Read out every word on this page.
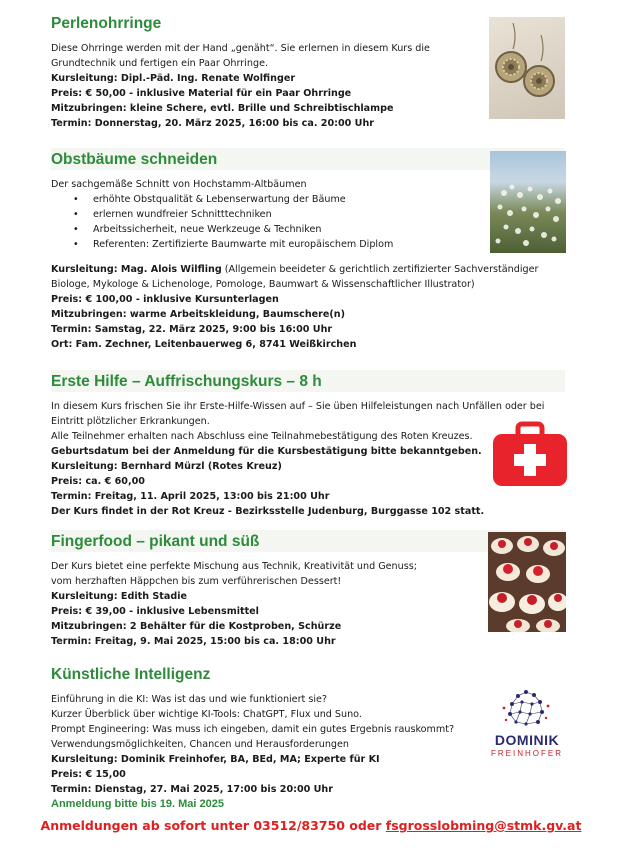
Perlenohrringe

Diese Ohrringe werden mit der Hand „genäht“. Sie erlernen in diesem Kurs die

Grundtechnik und fertigen ein Paar Ohrringe.

Kursleitung: Dipl.-Päd. Ing. Renate Wolfinger

Preis: € 50,00 - inklusive Material für ein Paar Ohrringe

Mitzubringen: kleine Schere, evtl. Brille und Schreibtischlampe

Termin: Donnerstag, 20. März 2025, 16:00 bis ca. 20:00 Uhr

Obstbäume schneiden

Der sachgemäße Schnitt von Hochstamm-Altbäumen

• erhöhte Obstqualität & Lebenserwartung der Bäume
• erlernen wundfreier Schnitttechniken
• Arbeitssicherheit, neue Werkzeuge & Techniken
• Referenten: Zertifizierte Baumwarte mit europäischem Diplom

Kursleitung: Mag. Alois Wilfling (Allgemein beeideter & gerichtlich zertifizierter Sachverständiger

Biologe, Mykologe & Lichenologe, Pomologe, Baumwart & Wissenschaftlicher Illustrator)

Preis: € 100,00 - inklusive Kursunterlagen

Mitzubringen: warme Arbeitskleidung, Baumschere(n)

Termin: Samstag, 22. März 2025, 9:00 bis 16:00 Uhr

Ort: Fam. Zechner, Leitenbauerweg 6, 8741 Weißkirchen

Erste Hilfe – Auffrischungskurs – 8 h

In diesem Kurs frischen Sie ihr Erste-Hilfe-Wissen auf – Sie üben Hilfeleistungen nach Unfällen oder bei

Eintritt plötzlicher Erkrankungen.

Alle Teilnehmer erhalten nach Abschluss eine Teilnahmebestätigung des Roten Kreuzes.

Geburtsdatum bei der Anmeldung für die Kursbestätigung bitte bekanntgeben.

Kursleitung: Bernhard Mürzl (Rotes Kreuz)

Preis: ca. € 60,00

Termin: Freitag, 11. April 2025, 13:00 bis 21:00 Uhr

Der Kurs findet in der Rot Kreuz - Bezirksstelle Judenburg, Burggasse 102 statt.

Fingerfood – pikant und süß

Der Kurs bietet eine perfekte Mischung aus Technik, Kreativität und Genuss;

vom herzhaften Häppchen bis zum verführerischen Dessert!

Kursleitung: Edith Stadie

Preis: € 39,00 - inklusive Lebensmittel

Mitzubringen: 2 Behälter für die Kostproben, Schürze

Termin: Freitag, 9. Mai 2025, 15:00 bis ca. 18:00 Uhr

Künstliche Intelligenz

Einführung in die KI: Was ist das und wie funktioniert sie?

Kurzer Überblick über wichtige KI-Tools: ChatGPT, Flux und Suno.

Prompt Engineering: Was muss ich eingeben, damit ein gutes Ergebnis rauskommt?

Verwendungsmöglichkeiten, Chancen und Herausforderungen

Kursleitung: Dominik Freinhofer, BA, BEd, MA; Experte für KI

Preis: € 15,00

Termin: Dienstag, 27. Mai 2025, 17:00 bis 20:00 Uhr

Anmeldung bitte bis 19. Mai 2025

DOMINIK
FREINHOFER
Anmeldungen ab sofort unter 03512/83750 oder fsgrosslobming@stmk.gv.at
